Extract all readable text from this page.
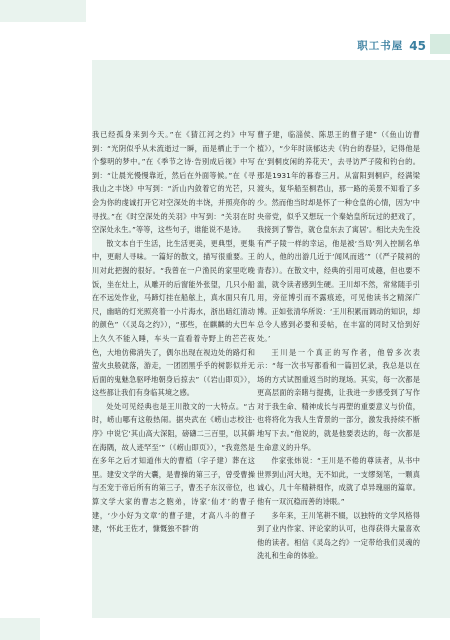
职工书屋 45

我已经孤身来到今天。”在《猜江河之约》中写到：“光阴似乎从未流逝过一瞬，而是栖止于一个个黎明的梦中。”在《季节之诗·告别成后视》中写到：“让晨光慢慢靠近，然后在外面等候。”在《寻我山之丰饶》中写到：“沂山内敛着它的光芒，只会为你的虔诚打开它对空深处的丰饶，并照亮你的寻找。”在《时空深处的关羽》中写到：“关羽在时空深处永生。”等等，这些句子，谁能说不是诗。

散文本自于生活，比生活更美，更典型，更集中，更耐人寻味。一篇好的散文，描写很重要。王川对此把握的很好。“我曾在一户渔民的家里吃晚饭，坐在灶上，从雕开的后窗能外张望，几只小船在不远处作业，马蹄灯挂在船舷上，真水面只有几尺，幽暗的灯光照亮着一小片海水，浙出暗红清动的颜色”（《灵岛之约》），“那些，在麒麟的大巴车上久久不能入睡，车头一直看着寺野上的芒芒夜色，大地仿佛消失了，偶尔出现在视边处的路灯和萤火虫般就落，游走，一团团黑乎乎的树影似并无后面的鬼魅急驱呼地朝身后掠去”（《岩山即页》），这些都让我们有身临其境之感。

处处可见经典也是王川散文的一大特点。“古时，崂山哪有这般热闹。据央武在《崂山志校注·序》中说它‘其山高大深阻，磅礴二三百里，以其僻在海隅，故人迹罕至’”（《崂山即页》），“我竟然是在多年之后才知道伟大的曹植（字子建）葬在这里。建安文学的大囊，是曹操的第三子，曾受曹操与丕宠于帝后所有的第三子，曹丕子东汉帝位，也算文学大家的曹志之胞弟，诗家‘仙才’的曹子建，‘少小好为文章’的曹子建，才高八斗的曹子建，‘怀此王佐才，慷慨独不群’的

曹子建，临淄侯、陈思王的曹子建”（《鱼山访曹植》），“少年时读郁达夫《钓台的春昼》，记得他是在‘到桐皮闲的养花天’，去寻访严子陵和钓台的。那是1931年的暮春三月。从富阳到桐庐，经满梁渡头，复华船至桐君山，那一路的美景不知看了多少。然而他当时却是怀了一种仓皇的心情，因为‘中央帝党，似乎又想玩一个秦始皇所玩过的把戏了，我接到了警告，就仓皇东去了寓居’。相比夫先生没有严子陵一样的幸运，他是被‘当局’列入控制名单的人，他的出游几近于‘闻风而逃’”（《严子陵祠的青春》）。在散文中，经典的引用可成趣，但也要不滥，就令读者感到生硬。王川却不然，常常随手引用，旁征博引而不露痕迹，可见他读书之精深广博。正如张清华所说：‘王川积累而调动的知识，却总令人感到必要和妥帖，在丰富的同时又恰到好处。’

王川是一个真正的写作者，他曾多次表示：“每一次书写都看和一篇回忆录，我总是以在场的方式试图重返当时的现场。其实，每一次都是更高层面的亲睹与提携，让我进一步感受到了写作对于我生命、精神成长与再塑的重要意义与价值，也将将化为我人生背景的一部分，激发我持续不断地写下去。”他说的，就是他要表达的，每一次都是生命意义的升华。

作家张炜说：“王川是不倦的尊读者，从书中世界到山河大地，无不如此，一支缪刻笔，一颗真诚心，几十年精耕细作，成就了卓异瑰丽的篇章。他有一双沉稳而善的诗眼。”

多年来，王川笔耕不辍，以独特的文学风格得到了业内作家、评论家的认可，也得获得大量喜欢他的读者。相信《灵岛之约》一定带给我们灵魂的洗礼和生命的体验。
